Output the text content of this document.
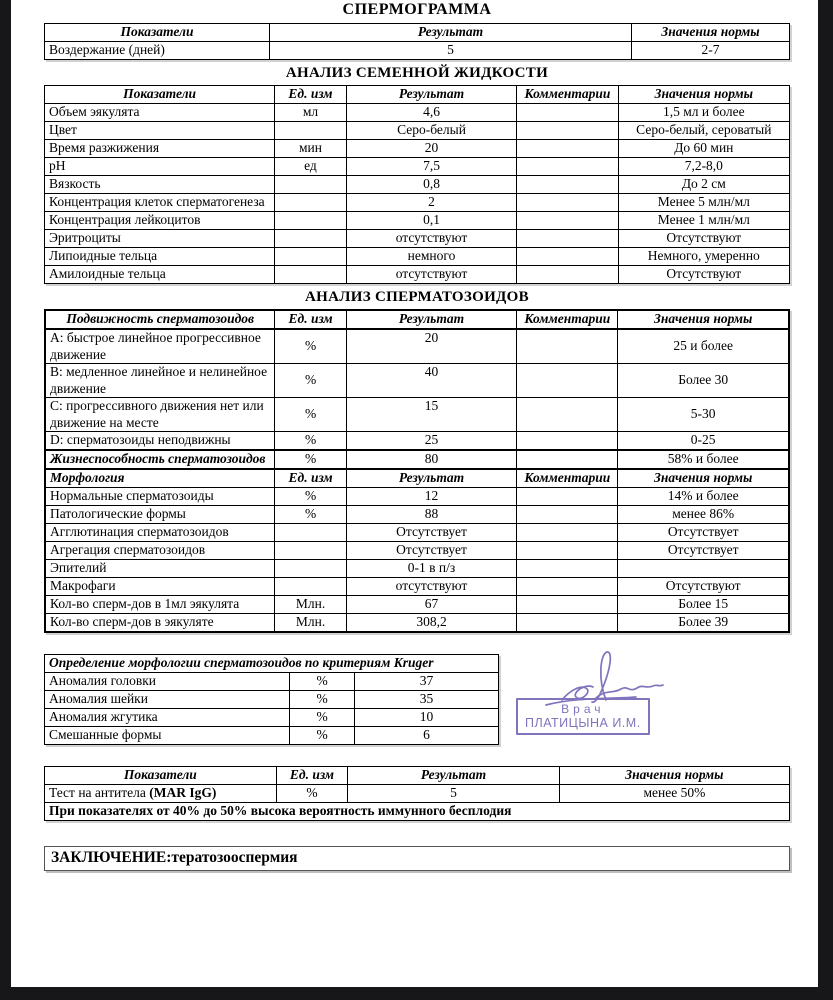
СПЕРМОГРАММА
Показатели	Результат	Значения нормы
Воздержание (дней)	5	2-7
АНАЛИЗ СЕМЕННОЙ ЖИДКОСТИ
Показатели	Ед. изм	Результат	Комментарии	Значения нормы
Объем эякулята	мл	4,6		1,5 мл и более
Цвет		Серо-белый		Серо-белый, сероватый
Время разжижения	мин	20		До 60 мин
pH	ед	7,5		7,2-8,0
Вязкость		0,8		До 2 см
Концентрация клеток сперматогенеза		2		Менее 5 млн/мл
Концентрация лейкоцитов		0,1		Менее 1 млн/мл
Эритроциты		отсутствуют		Отсутствуют
Липоидные тельца		немного		Немного, умеренно
Амилоидные тельца		отсутствуют		Отсутствуют
АНАЛИЗ СПЕРМАТОЗОИДОВ
Подвижность сперматозоидов	Ед. изм	Результат	Комментарии	Значения нормы
А: быстрое линейное прогрессивное движение	%	20		25 и более
В: медленное линейное и нелинейное движение	%	40		Более 30
С: прогрессивного движения нет или движение на месте	%	15		5-30
D: сперматозоиды неподвижны	%	25		0-25
Жизнеспособность сперматозоидов	%	80		58% и более
Морфология	Ед. изм	Результат	Комментарии	Значения нормы
Нормальные сперматозоиды	%	12		14% и более
Патологические формы	%	88		менее 86%
Агглютинация сперматозоидов		Отсутствует		Отсутствует
Агрегация сперматозоидов		Отсутствует		Отсутствует
Эпителий		0-1 в п/з		
Макрофаги		отсутствуют		Отсутствуют
Кол-во сперм-дов в 1мл эякулята	Млн.	67		Более 15
Кол-во сперм-дов в эякуляте	Млн.	308,2		Более 39
Определение морфологии сперматозоидов по критериям Kruger		
Аномалия головки	%	37
Аномалия шейки	%	35
Аномалия жгутика	%	10
Смешанные формы	%	6
Врач
ПЛАТИЦЫНА И.М.
Показатели	Ед. изм	Результат	Значения нормы
Тест на антитела (MAR IgG)	%	5	менее 50%
При показателях от 40% до 50% высока вероятность иммунного бесплодия			
ЗАКЛЮЧЕНИЕ:тератозооспермия
